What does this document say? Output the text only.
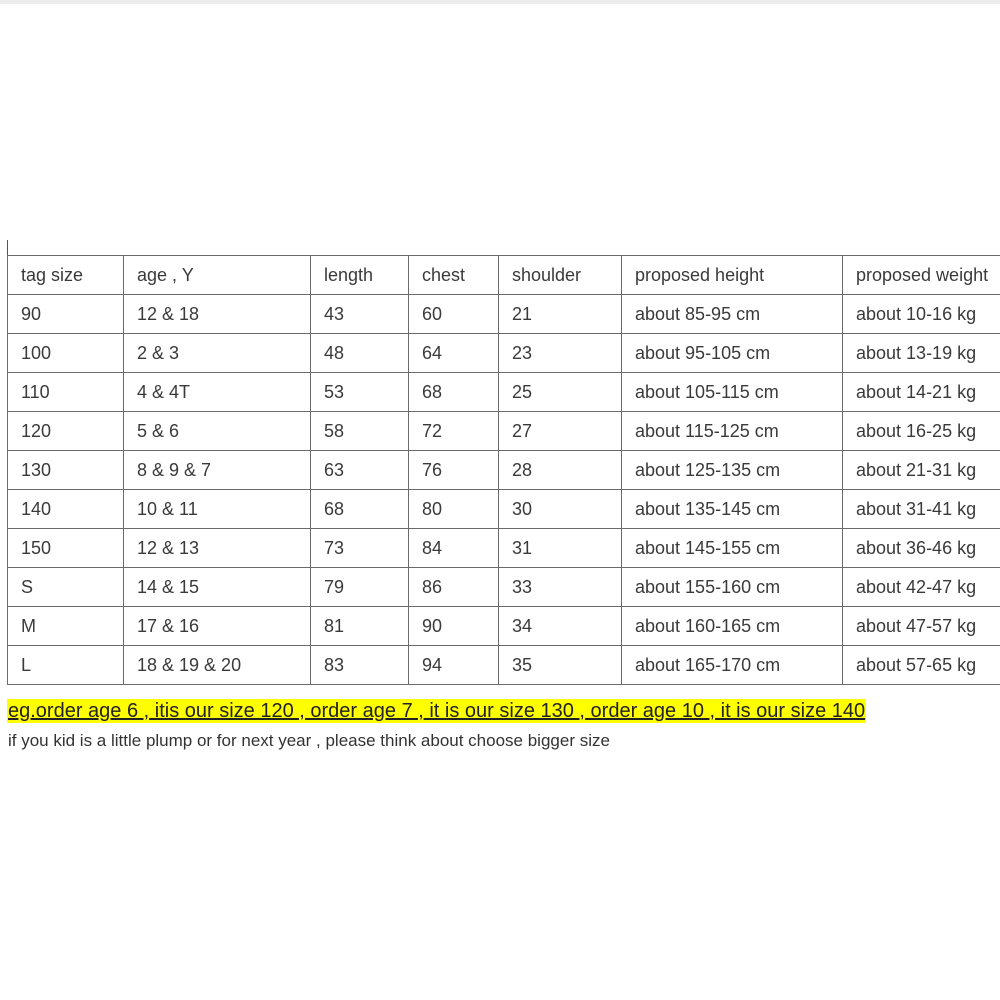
tag size	age , Y	length	chest	shoulder	proposed height	proposed weight
90	12 & 18	43	60	21	about 85-95 cm	about 10-16 kg
100	2 & 3	48	64	23	about 95-105 cm	about 13-19 kg
110	4 & 4T	53	68	25	about 105-115 cm	about 14-21 kg
120	5 & 6	58	72	27	about 115-125 cm	about 16-25 kg
130	8 & 9 & 7	63	76	28	about 125-135 cm	about 21-31 kg
140	10 & 11	68	80	30	about 135-145 cm	about 31-41 kg
150	12 & 13	73	84	31	about 145-155 cm	about 36-46 kg
S	14 & 15	79	86	33	about 155-160 cm	about 42-47 kg
M	17 & 16	81	90	34	about 160-165 cm	about 47-57 kg
L	18 & 19 & 20	83	94	35	about 165-170 cm	about 57-65 kg
eg.order age 6 , itis our size 120 , order age 7 , it is our size 130 , order age 10 , it is our size 140
if you kid is a little plump or for next year , please think about choose bigger size
